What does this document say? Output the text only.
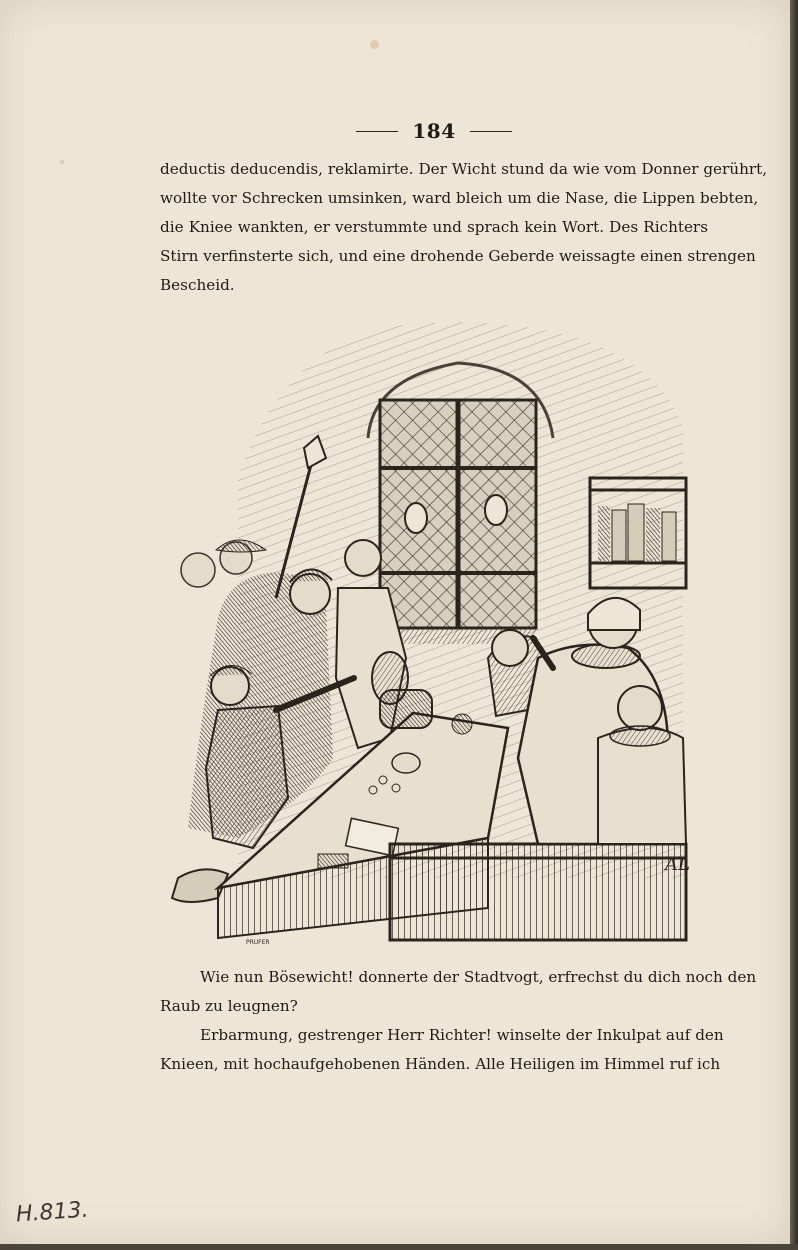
184
deductis deducendis, reklamirte. Der Wicht stund da wie vom Donner gerührt,
wollte vor Schrecken umsinken, ward bleich um die Nase, die Lippen bebten,
die Kniee wankten, er verstummte und sprach kein Wort. Des Richters
Stirn verfinsterte sich, und eine drohende Geberde weissagte einen strengen
Bescheid.
AL
PRUFER
Wie nun Bösewicht! donnerte der Stadtvogt, erfrechst du dich noch den
Raub zu leugnen?
Erbarmung, gestrenger Herr Richter! winselte der Inkulpat auf den
Knieen, mit hochaufgehobenen Händen. Alle Heiligen im Himmel ruf ich
H.813.
